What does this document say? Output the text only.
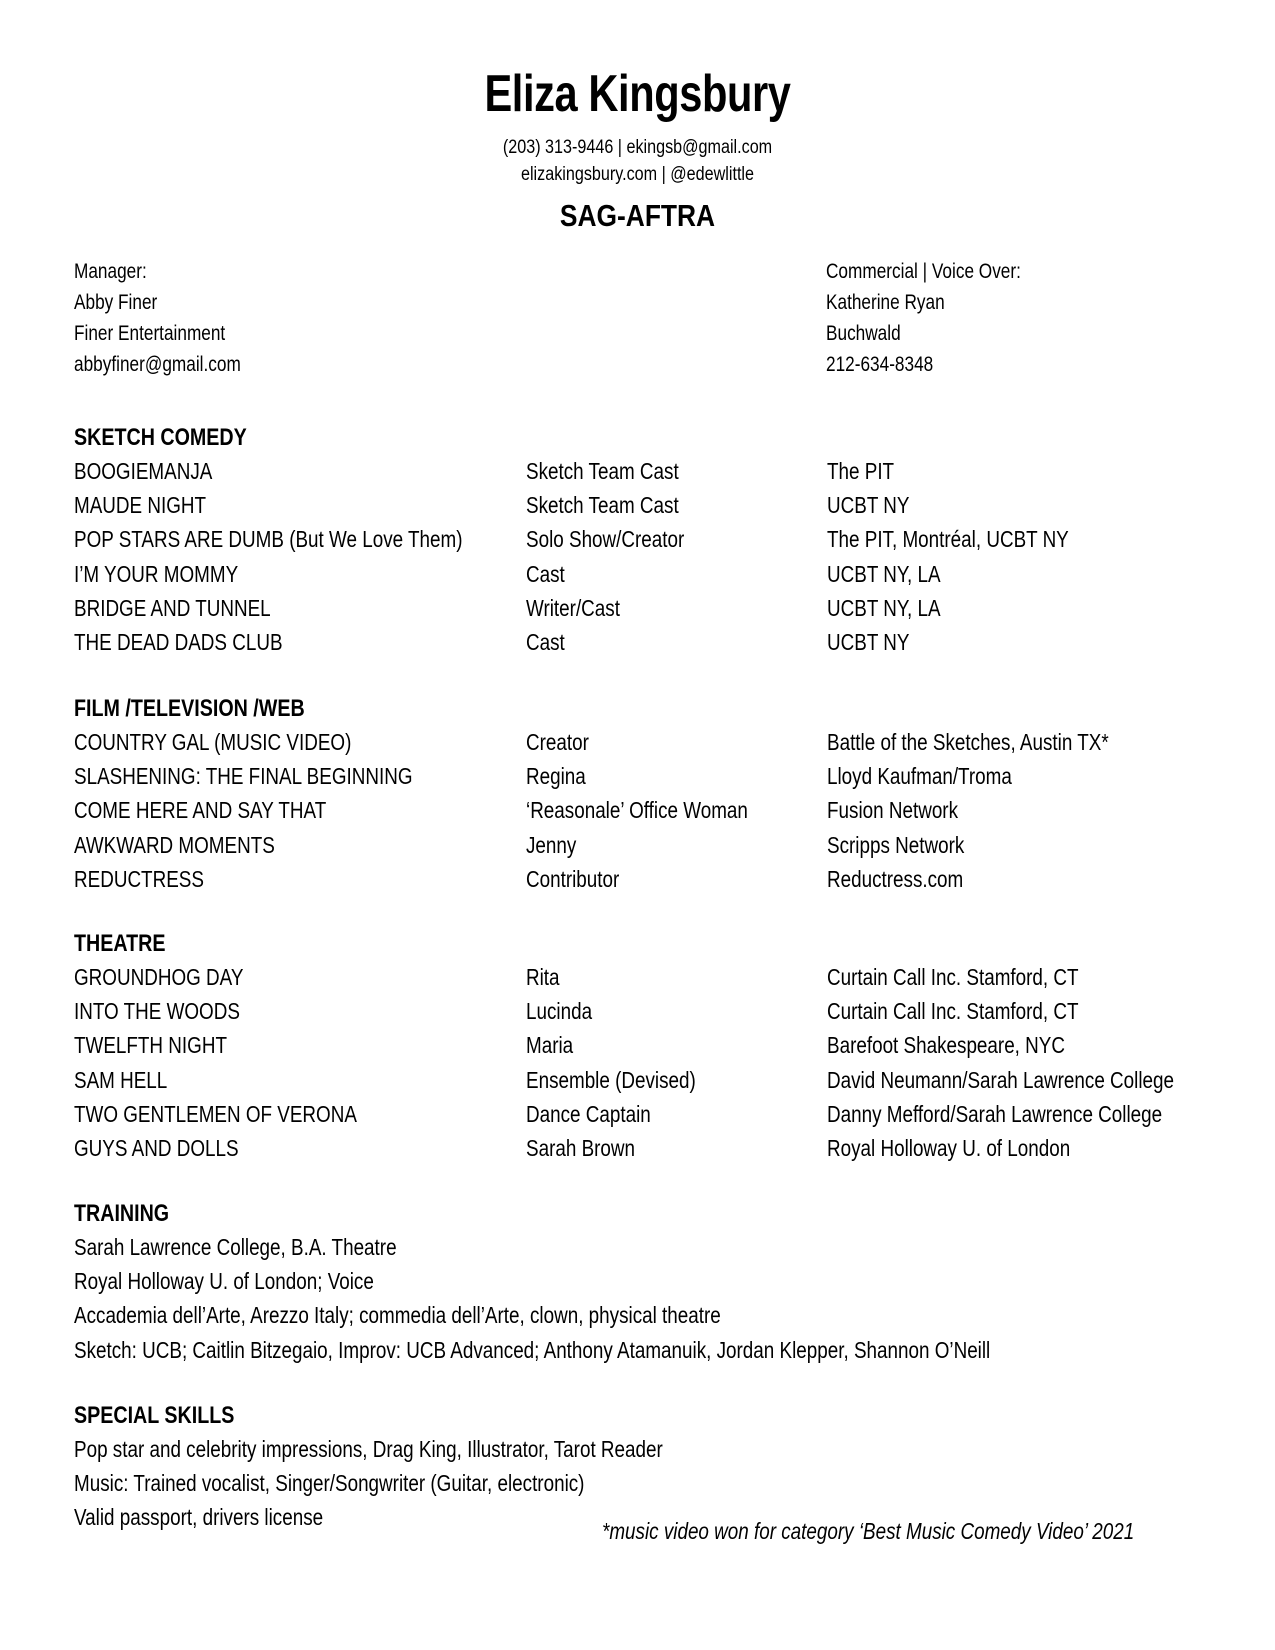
Eliza Kingsbury
(203) 313-9446 | ekingsb@gmail.com
elizakingsbury.com | @edewlittle
SAG-AFTRA
Manager:
Abby Finer
Finer Entertainment
abbyfiner@gmail.com
Commercial | Voice Over:
Katherine Ryan
Buchwald
212-634-8348
SKETCH COMEDY
BOOGIEMANJA	Sketch Team Cast	The PIT
MAUDE NIGHT	Sketch Team Cast	UCBT NY
POP STARS ARE DUMB (But We Love Them)	Solo Show/Creator	The PIT, Montréal, UCBT NY
I’M YOUR MOMMY	Cast	UCBT NY, LA
BRIDGE AND TUNNEL	Writer/Cast	UCBT NY, LA
THE DEAD DADS CLUB	Cast	UCBT NY
FILM /TELEVISION /WEB
COUNTRY GAL (MUSIC VIDEO)	Creator	Battle of the Sketches, Austin TX*
SLASHENING: THE FINAL BEGINNING	Regina	Lloyd Kaufman/Troma
COME HERE AND SAY THAT	‘Reasonale’ Office Woman	Fusion Network
AWKWARD MOMENTS	Jenny	Scripps Network
REDUCTRESS	Contributor	Reductress.com
THEATRE
GROUNDHOG DAY	Rita	Curtain Call Inc. Stamford, CT
INTO THE WOODS	Lucinda	Curtain Call Inc. Stamford, CT
TWELFTH NIGHT	Maria	Barefoot Shakespeare, NYC
SAM HELL	Ensemble (Devised)	David Neumann/Sarah Lawrence College
TWO GENTLEMEN OF VERONA	Dance Captain	Danny Mefford/Sarah Lawrence College
GUYS AND DOLLS	Sarah Brown	Royal Holloway U. of London
TRAINING
Sarah Lawrence College, B.A. Theatre
Royal Holloway U. of London; Voice
Accademia dell’Arte, Arezzo Italy; commedia dell’Arte, clown, physical theatre
Sketch: UCB; Caitlin Bitzegaio, Improv: UCB Advanced; Anthony Atamanuik, Jordan Klepper, Shannon O’Neill
SPECIAL SKILLS
Pop star and celebrity impressions, Drag King, Illustrator, Tarot Reader
Music: Trained vocalist, Singer/Songwriter (Guitar, electronic)
Valid passport, drivers license
*music video won for category ‘Best Music Comedy Video’ 2021
